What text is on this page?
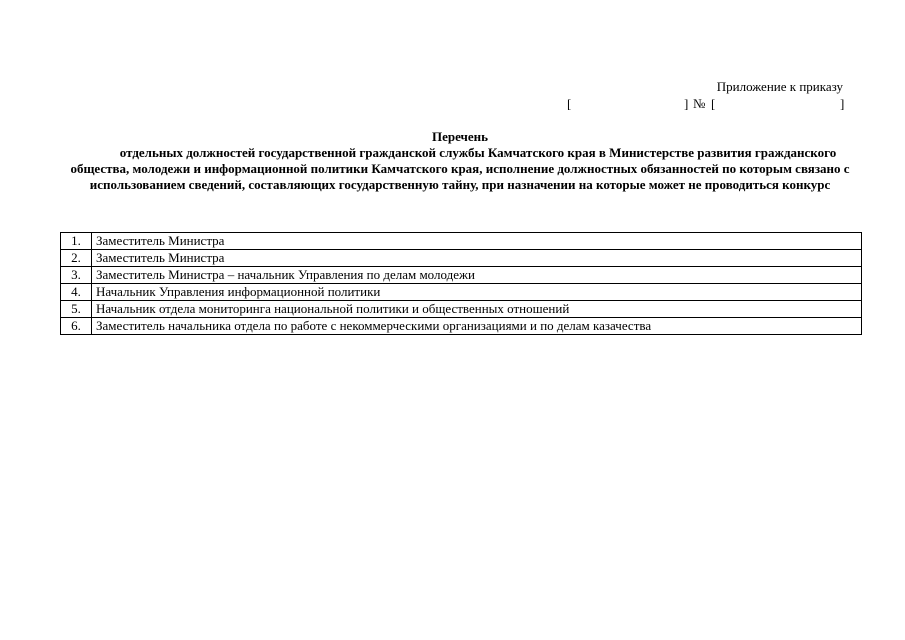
Приложение к приказу
[	] № [	]
Перечень
отдельных должностей государственной гражданской службы Камчатского края в Министерстве развития гражданского общества, молодежи и информационной политики Камчатского края, исполнение должностных обязанностей по которым связано с использованием сведений, составляющих государственную тайну, при назначении на которые может не проводиться конкурс
1.	Заместитель Министра
2.	Заместитель Министра
3.	Заместитель Министра – начальник Управления по делам молодежи
4.	Начальник Управления информационной политики
5.	Начальник отдела мониторинга национальной политики и общественных отношений
6.	Заместитель начальника отдела по работе с некоммерческими организациями и по делам казачества
